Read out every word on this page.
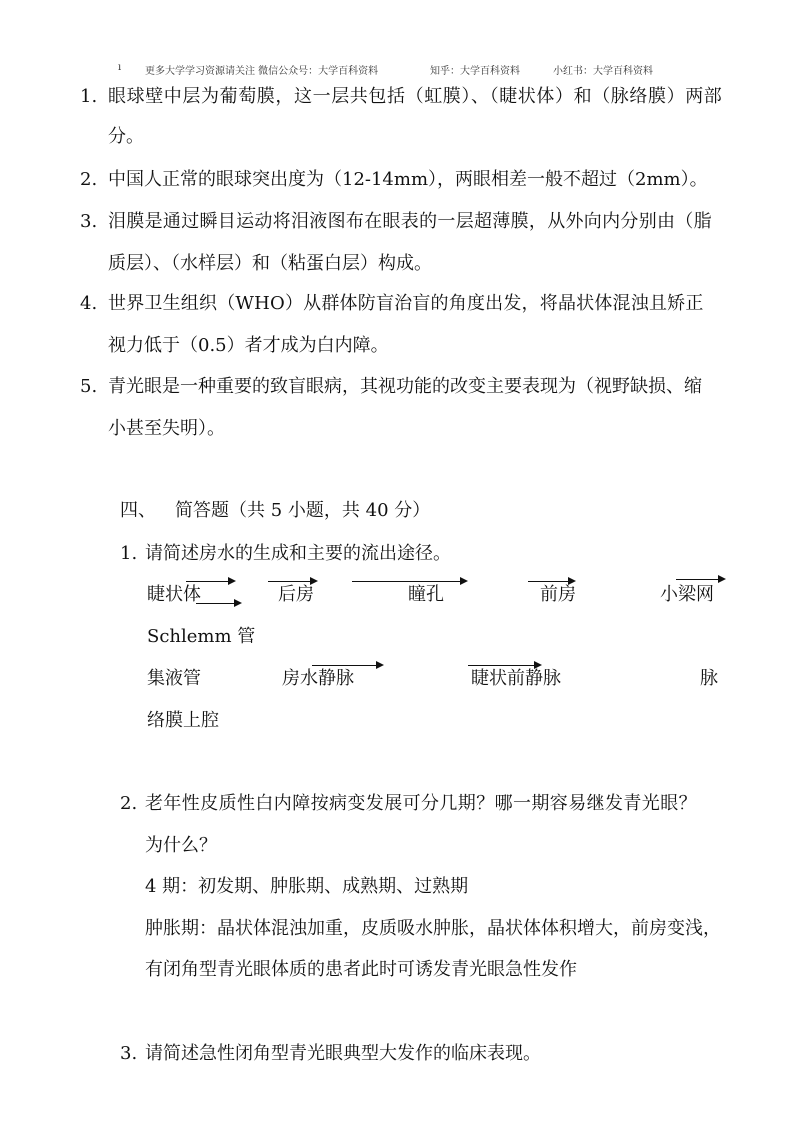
ı 更多大学学习资源请关注 微信公众号：大学百科资料	知乎：大学百科资料	小红书：大学百科资料
1. 眼球壁中层为葡萄膜，这一层共包括（虹膜）、（睫状体）和（脉络膜）两部
分。
2. 中国人正常的眼球突出度为（12-14mm），两眼相差一般不超过（2mm）。
3. 泪膜是通过瞬目运动将泪液图布在眼表的一层超薄膜，从外向内分别由（脂
质层）、（水样层）和（粘蛋白层）构成。
4. 世界卫生组织（WHO）从群体防盲治盲的角度出发，将晶状体混浊且矫正
视力低于（0.5）者才成为白内障。
5. 青光眼是一种重要的致盲眼病，其视功能的改变主要表现为（视野缺损、缩
小甚至失明）。
四、 简答题（共 5 小题，共 40 分）
1. 请简述房水的生成和主要的流出途径。
睫状体	后房	瞳孔	前房	小梁网
Schlemm 管
集液管	房水静脉	睫状前静脉	脉
络膜上腔
2. 老年性皮质性白内障按病变发展可分几期？哪一期容易继发青光眼？
为什么？
4 期：初发期、肿胀期、成熟期、过熟期
肿胀期：晶状体混浊加重，皮质吸水肿胀，晶状体体积增大，前房变浅，
有闭角型青光眼体质的患者此时可诱发青光眼急性发作
3. 请简述急性闭角型青光眼典型大发作的临床表现。
